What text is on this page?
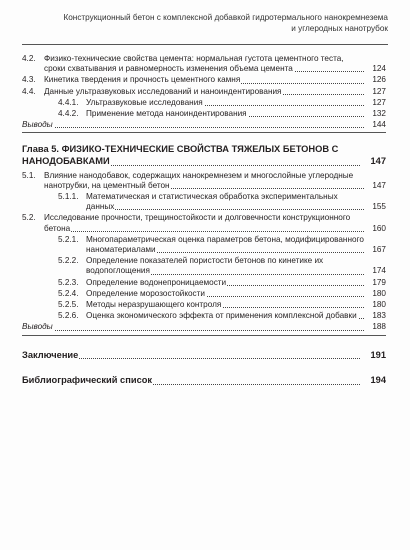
Конструкционный бетон с комплексной добавкой гидротермального нанокремнезема
и углеродных нанотрубок
4.2. Физико-технические свойства цемента: нормальная густота цементного теста, сроки схватывания и равномерность изменения объема цемента	124
4.3. Кинетика твердения и прочность цементного камня	126
4.4. Данные ультразвуковых исследований и наноиндентирования	127
4.4.1. Ультразвуковые исследования	127
4.4.2. Применение метода наноиндентирования	132
Выводы	144
Глава 5. ФИЗИКО-ТЕХНИЧЕСКИЕ СВОЙСТВА ТЯЖЕЛЫХ БЕТОНОВ С НАНОДОБАВКАМИ	147
5.1. Влияние нанодобавок, содержащих нанокремнезем и многослойные углеродные нанотрубки, на цементный бетон	147
5.1.1. Математическая и статистическая обработка экспериментальных данных	155
5.2. Исследование прочности, трещиностойкости и долговечности конструкционного бетона	160
5.2.1. Многопараметрическая оценка параметров бетона, модифицированного наноматериалами	167
5.2.2. Определение показателей пористости бетонов по кинетике их водопоглощения	174
5.2.3. Определение водонепроницаемости	179
5.2.4. Определение морозостойкости	180
5.2.5. Методы неразрушающего контроля	180
5.2.6. Оценка экономического эффекта от применения комплексной добавки	183
Выводы	188
Заключение	191
Библиографический список	194
